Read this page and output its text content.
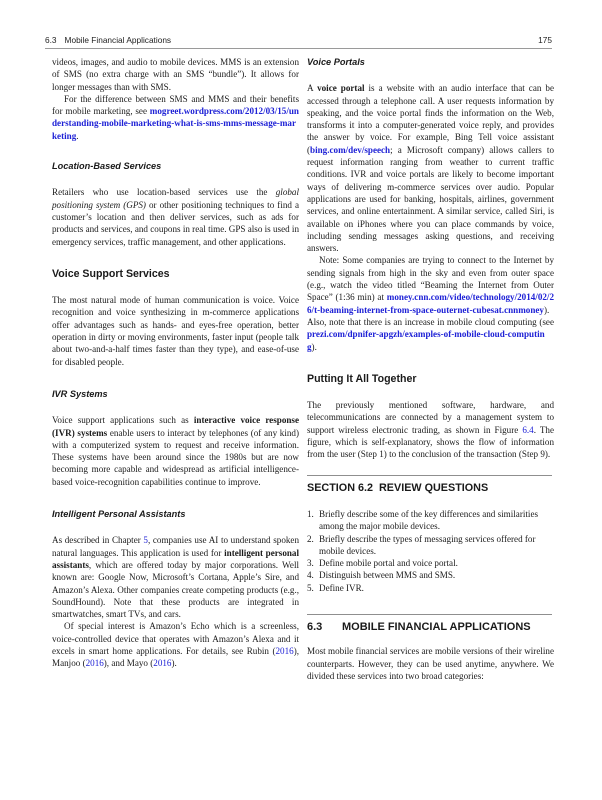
6.3 Mobile Financial Applications	175

videos, images, and audio to mobile devices. MMS is an extension of SMS (no extra charge with an SMS “bundle”). It allows for longer messages than with SMS.

For the difference between SMS and MMS and their benefits for mobile marketing, see mogreet.wordpress.com/2012/03/15/understanding-mobile-marketing-what-is-sms-mms-message-marketing.

Location-Based Services

Retailers who use location-based services use the global positioning system (GPS) or other positioning techniques to find a customer’s location and then deliver services, such as ads for products and services, and coupons in real time. GPS also is used in emergency services, traffic management, and other applications.

Voice Support Services

The most natural mode of human communication is voice. Voice recognition and voice synthesizing in m-commerce applications offer advantages such as hands- and eyes-free operation, better operation in dirty or moving environments, faster input (people talk about two-and-a-half times faster than they type), and ease-of-use for disabled people.

IVR Systems

Voice support applications such as interactive voice response (IVR) systems enable users to interact by telephones (of any kind) with a computerized system to request and receive information. These systems have been around since the 1980s but are now becoming more capable and widespread as artificial intelligence-based voice-recognition capabilities continue to improve.

Intelligent Personal Assistants

As described in Chapter 5, companies use AI to understand spoken natural languages. This application is used for intelligent personal assistants, which are offered today by major corporations. Well known are: Google Now, Microsoft’s Cortana, Apple’s Sire, and Amazon’s Alexa. Other companies create competing products (e.g., SoundHound). Note that these products are integrated in smartwatches, smart TVs, and cars.

Of special interest is Amazon’s Echo which is a screenless, voice-controlled device that operates with Amazon’s Alexa and it excels in smart home applications. For details, see Rubin (2016), Manjoo (2016), and Mayo (2016).

Voice Portals

A voice portal is a website with an audio interface that can be accessed through a telephone call. A user requests information by speaking, and the voice portal finds the information on the Web, transforms it into a computer-generated voice reply, and provides the answer by voice. For example, Bing Tell voice assistant (bing.com/dev/speech; a Microsoft company) allows callers to request information ranging from weather to current traffic conditions. IVR and voice portals are likely to become important ways of delivering m-commerce services over audio. Popular applications are used for banking, hospitals, airlines, government services, and online entertainment. A similar service, called Siri, is available on iPhones where you can place commands by voice, including sending messages asking questions, and receiving answers.

Note: Some companies are trying to connect to the Internet by sending signals from high in the sky and even from outer space (e.g., watch the video titled “Beaming the Internet from Outer Space” (1:36 min) at money.cnn.com/video/technology/2014/02/26/t-beaming-internet-from-space-outernet-cubesat.cnnmoney). Also, note that there is an increase in mobile cloud computing (see prezi.com/dpnifer-apgzh/examples-of-mobile-cloud-computing).

Putting It All Together

The previously mentioned software, hardware, and telecommunications are connected by a management system to support wireless electronic trading, as shown in Figure 6.4. The figure, which is self-explanatory, shows the flow of information from the user (Step 1) to the conclusion of the transaction (Step 9).

SECTION 6.2  REVIEW QUESTIONS
1. Briefly describe some of the key differences and similarities among the major mobile devices.
2. Briefly describe the types of messaging services offered for mobile devices.
3. Define mobile portal and voice portal.
4. Distinguish between MMS and SMS.
5. Define IVR.
6.3 MOBILE FINANCIAL APPLICATIONS

Most mobile financial services are mobile versions of their wireline counterparts. However, they can be used anytime, anywhere. We divided these services into two broad categories:
